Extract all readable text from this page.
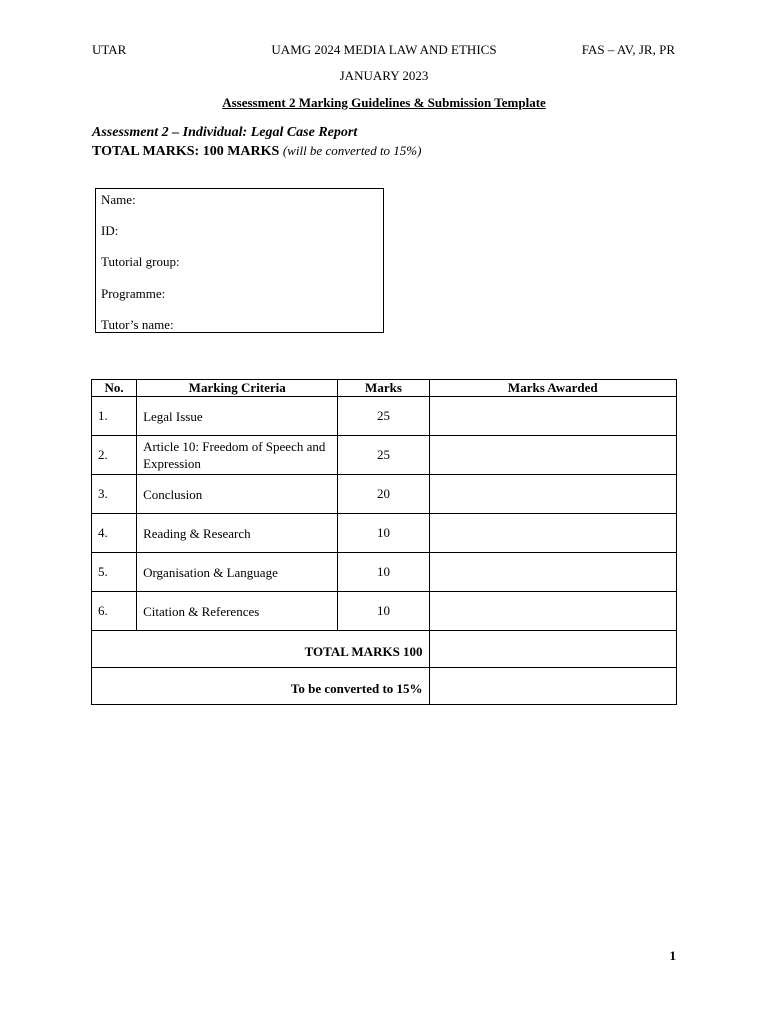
UTAR	UAMG 2024 MEDIA LAW AND ETHICS	FAS – AV, JR, PR
JANUARY 2023
Assessment 2 Marking Guidelines & Submission Template
Assessment 2 – Individual: Legal Case Report
TOTAL MARKS: 100 MARKS (will be converted to 15%)
Name:
ID:
Tutorial group:
Programme:
Tutor’s name:
No.	Marking Criteria	Marks	Marks Awarded
1.	Legal Issue	25	
2.	Article 10: Freedom of Speech and Expression	25	
3.	Conclusion	20	
4.	Reading & Research	10	
5.	Organisation & Language	10	
6.	Citation & References	10	
TOTAL MARKS 100			
To be converted to 15%			
1
